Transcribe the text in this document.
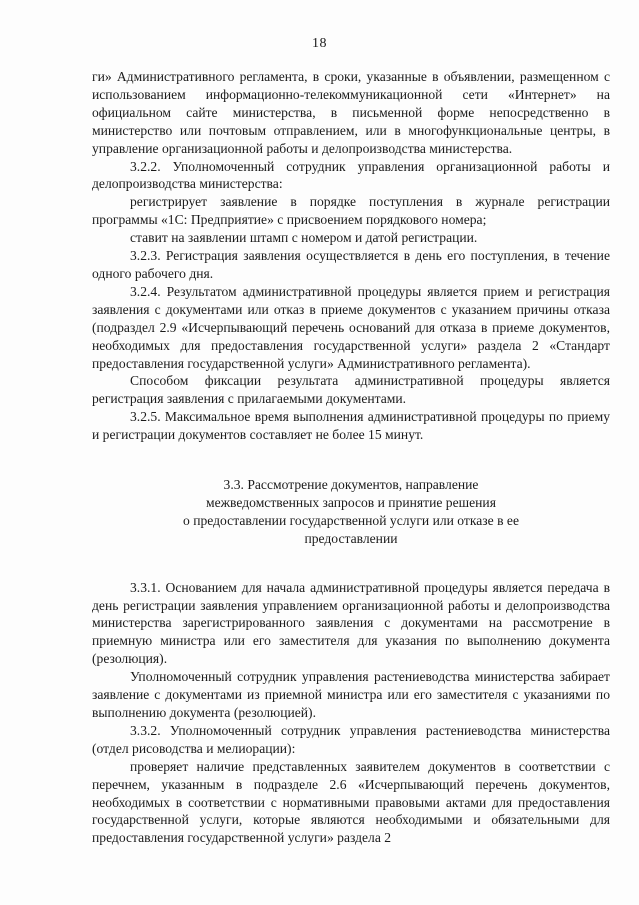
18

ги» Административного регламента, в сроки, указанные в объявлении, размещенном с использованием информационно-телекоммуникационной сети «Интернет» на официальном сайте министерства, в письменной форме непосредственно в министерство или почтовым отправлением, или в многофункциональные центры, в управление организационной работы и делопроизводства министерства.

3.2.2. Уполномоченный сотрудник управления организационной работы и делопроизводства министерства:

регистрирует заявление в порядке поступления в журнале регистрации программы «1С: Предприятие» с присвоением порядкового номера;

ставит на заявлении штамп с номером и датой регистрации.

3.2.3. Регистрация заявления осуществляется в день его поступления, в течение одного рабочего дня.

3.2.4. Результатом административной процедуры является прием и регистрация заявления с документами или отказ в приеме документов с указанием причины отказа (подраздел 2.9 «Исчерпывающий перечень оснований для отказа в приеме документов, необходимых для предоставления государственной услуги» раздела 2 «Стандарт предоставления государственной услуги» Административного регламента).

Способом фиксации результата административной процедуры является регистрация заявления с прилагаемыми документами.

3.2.5. Максимальное время выполнения административной процедуры по приему и регистрации документов составляет не более 15 минут.

3.3. Рассмотрение документов, направление
межведомственных запросов и принятие решения
о предоставлении государственной услуги или отказе в ее
предоставлении

3.3.1. Основанием для начала административной процедуры является передача в день регистрации заявления управлением организационной работы и делопроизводства министерства зарегистрированного заявления с документами на рассмотрение в приемную министра или его заместителя для указания по выполнению документа (резолюция).

Уполномоченный сотрудник управления растениеводства министерства забирает заявление с документами из приемной министра или его заместителя с указаниями по выполнению документа (резолюцией).

3.3.2. Уполномоченный сотрудник управления растениеводства министерства (отдел рисоводства и мелиорации):

проверяет наличие представленных заявителем документов в соответствии с перечнем, указанным в подразделе 2.6 «Исчерпывающий перечень документов, необходимых в соответствии с нормативными правовыми актами для предоставления государственной услуги, которые являются необходимыми и обязательными для предоставления государственной услуги» раздела 2
